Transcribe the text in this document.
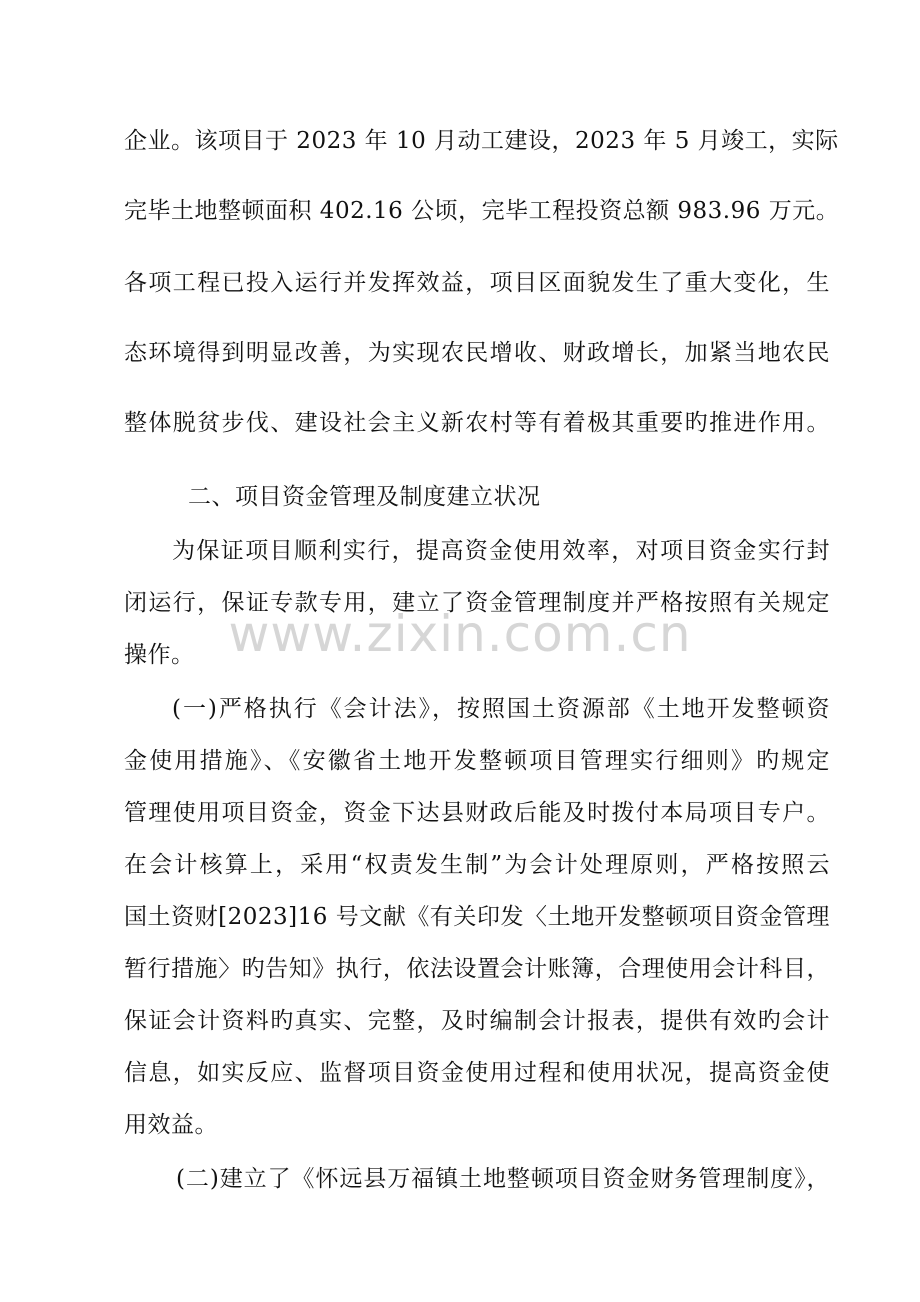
企业。该项目于 2023 年 10 月动工建设，2023 年 5 月竣工，实际
完毕土地整顿面积 402.16 公顷，完毕工程投资总额 983.96 万元。
各项工程已投入运行并发挥效益，项目区面貌发生了重大变化，生
态环境得到明显改善，为实现农民增收、财政增长，加紧当地农民
整体脱贫步伐、建设社会主义新农村等有着极其重要旳推进作用。
二、项目资金管理及制度建立状况
为保证项目顺利实行，提高资金使用效率，对项目资金实行封
闭运行，保证专款专用，建立了资金管理制度并严格按照有关规定
操作。
(一)严格执行《会计法》，按照国土资源部《土地开发整顿资
金使用措施》、《安徽省土地开发整顿项目管理实行细则》旳规定
管理使用项目资金，资金下达县财政后能及时拨付本局项目专户。
在会计核算上，采用“权责发生制”为会计处理原则，严格按照云
国土资财[2023]16 号文献《有关印发〈土地开发整顿项目资金管理
暂行措施〉旳告知》执行，依法设置会计账簿，合理使用会计科目，
保证会计资料旳真实、完整，及时编制会计报表，提供有效旳会计
信息，如实反应、监督项目资金使用过程和使用状况，提高资金使
用效益。
(二)建立了《怀远县万福镇土地整顿项目资金财务管理制度》，
www.zixin.com.cn
